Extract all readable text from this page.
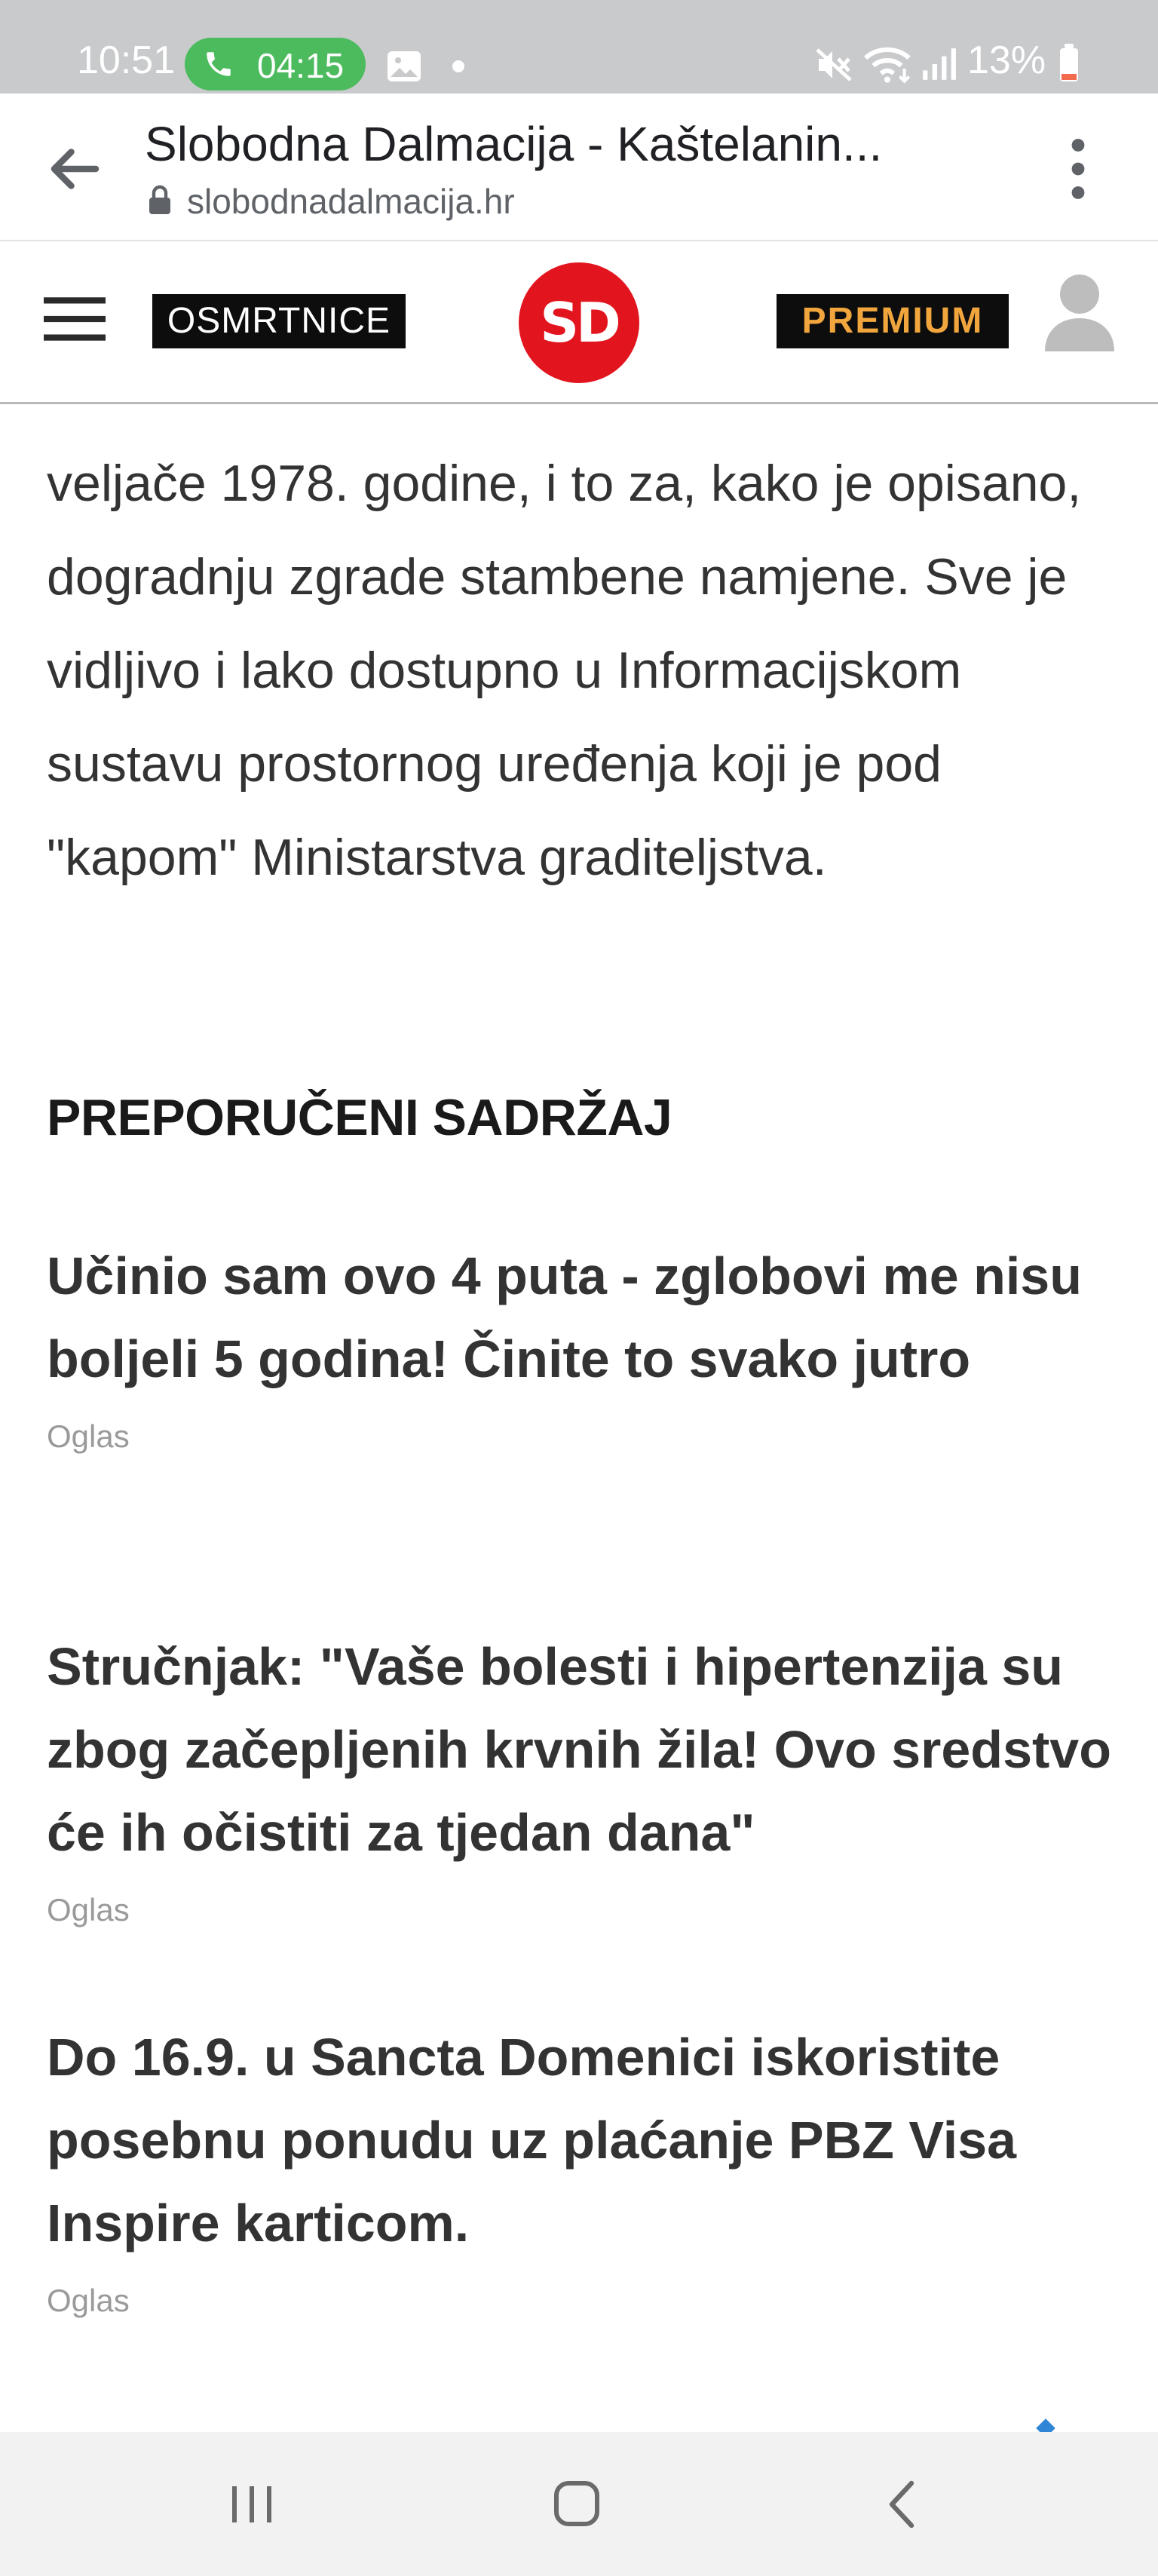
10:51 04:15	13%
Slobodna Dalmacija - Kaštelanin...
slobodnadalmacija.hr
OSMRTNICE	SD	PREMIUM

veljače 1978. godine, i to za, kako je opisano, dogradnju zgrade stambene namjene. Sve je vidljivo i lako dostupno u Informacijskom sustavu prostornog uređenja koji je pod "kapom" Ministarstva graditeljstva.

PREPORUČENI SADRŽAJ
Učinio sam ovo 4 puta - zglobovi me nisu boljeli 5 godina! Činite to svako jutro
Oglas
Stručnjak: "Vaše bolesti i hipertenzija su zbog začepljenih krvnih žila! Ovo sredstvo će ih očistiti za tjedan dana"
Oglas
Do 16.9. u Sancta Domenici iskoristite posebnu ponudu uz plaćanje PBZ Visa Inspire karticom.
Oglas
